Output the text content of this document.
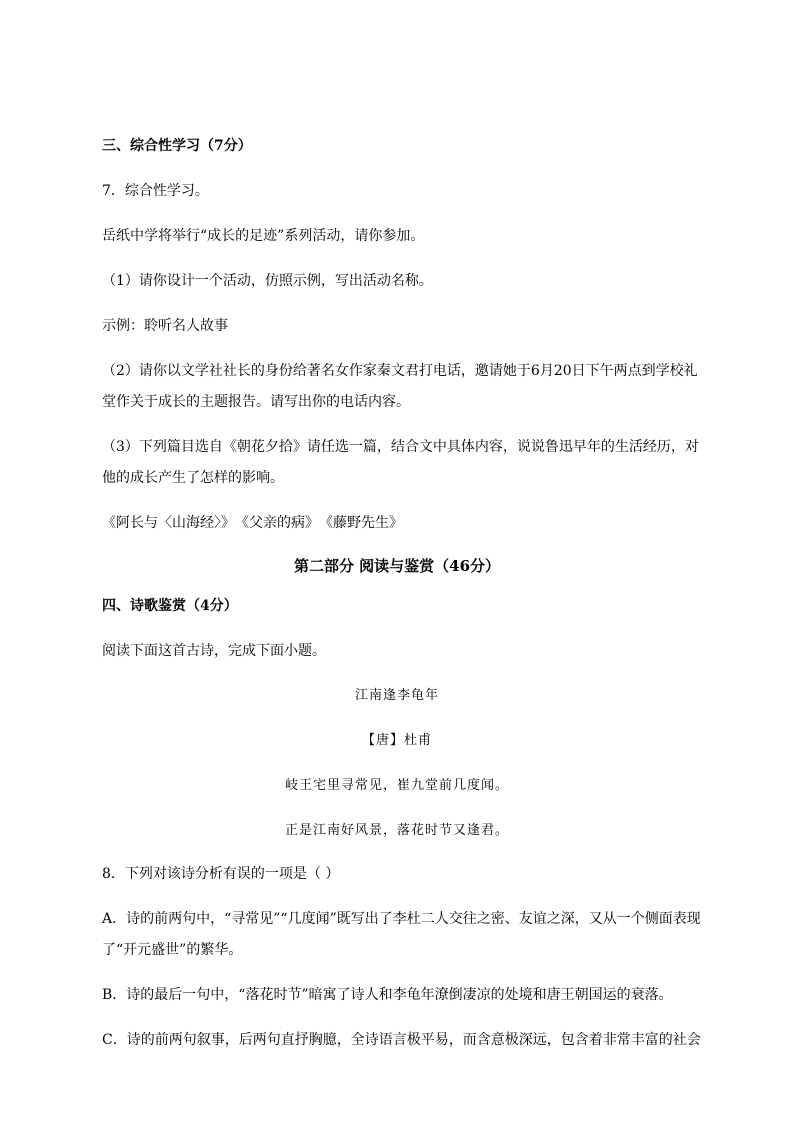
三、综合性学习（7分）
7．综合性学习。
岳纸中学将举行“成长的足迹”系列活动，请你参加。
（1）请你设计一个活动，仿照示例，写出活动名称。
示例：聆听名人故事
（2）请你以文学社社长的身份给著名女作家秦文君打电话，邀请她于6月20日下午两点到学校礼
堂作关于成长的主题报告。请写出你的电话内容。
（3）下列篇目选自《朝花夕拾》请任选一篇，结合文中具体内容，说说鲁迅早年的生活经历，对
他的成长产生了怎样的影响。
《阿长与〈山海经〉》　《父亲的病》　《藤野先生》
第二部分 阅读与鉴赏（46分）
四、诗歌鉴赏（4分）
阅读下面这首古诗，完成下面小题。
江南逢李龟年
【唐】杜甫
岐王宅里寻常见，崔九堂前几度闻。
正是江南好风景，落花时节又逢君。
8．下列对该诗分析有误的一项是（ ）
A．诗的前两句中，“寻常见”“几度闻”既写出了李杜二人交往之密、友谊之深，又从一个侧面表现
了“开元盛世”的繁华。
B．诗的最后一句中，“落花时节”暗寓了诗人和李龟年潦倒凄凉的处境和唐王朝国运的衰落。
C．诗的前两句叙事，后两句直抒胸臆，全诗语言极平易，而含意极深远，包含着非常丰富的社会
